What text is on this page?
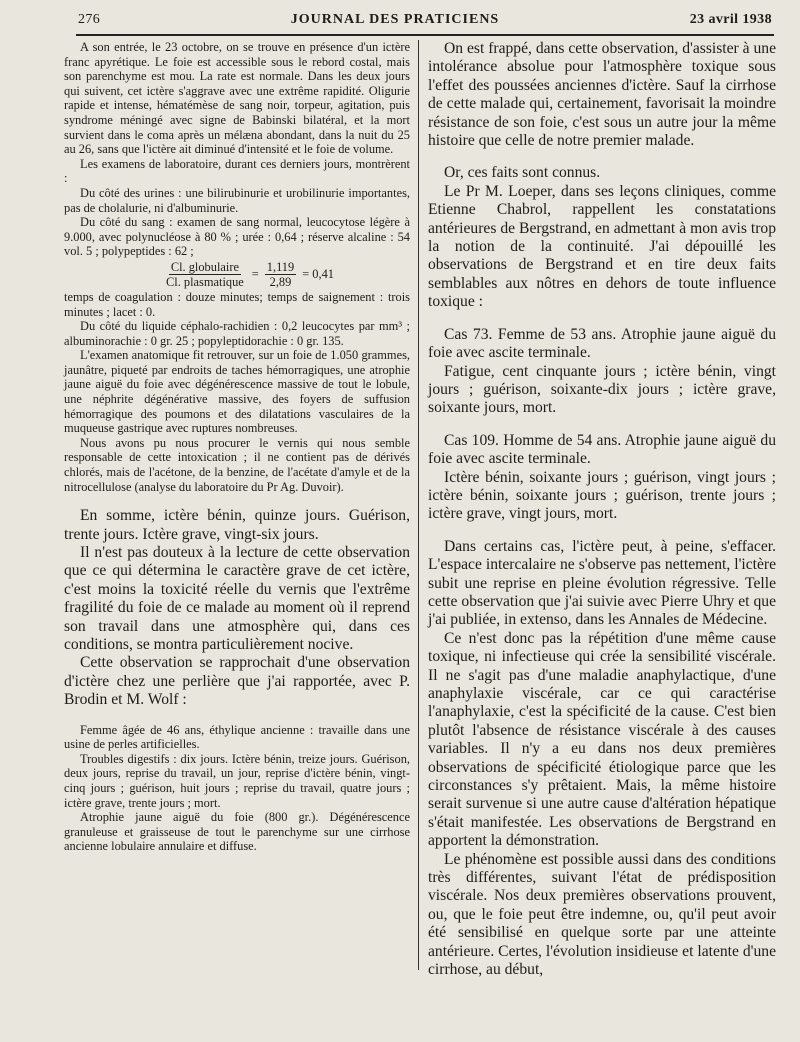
276	JOURNAL DES PRATICIENS	23 avril 1938

A son entrée, le 23 octobre, on se trouve en présence d'un ictère franc apyrétique. Le foie est accessible sous le rebord costal, mais son parenchyme est mou. La rate est normale. Dans les deux jours qui suivent, cet ictère s'aggrave avec une extrême rapidité. Oligurie rapide et intense, hématémèse de sang noir, torpeur, agitation, puis syndrome méningé avec signe de Babinski bilatéral, et la mort survient dans le coma après un mélæna abondant, dans la nuit du 25 au 26, sans que l'ictère ait diminué d'intensité et le foie de volume.

Les examens de laboratoire, durant ces derniers jours, montrèrent :

Du côté des urines : une bilirubinurie et urobilinurie importantes, pas de cholalurie, ni d'albuminurie.

Du côté du sang : examen de sang normal, leucocytose légère à 9.000, avec polynucléose à 80 % ; urée : 0,64 ; réserve alcaline : 54 vol. 5 ; polypeptides : 62 ;

$\frac{\text{Cl. globulaire}}{\text{Cl. plasmatique}} = \frac{1,119}{2,89} = 0,41$

temps de coagulation : douze minutes; temps de saignement : trois minutes ; lacet : 0.

Du côté du liquide céphalo-rachidien : 0,2 leucocytes par mm³ ; albuminorachie : 0 gr. 25 ; popyleptidorachie : 0 gr. 135.

L'examen anatomique fit retrouver, sur un foie de 1.050 grammes, jaunâtre, piqueté par endroits de taches hémorragiques, une atrophie jaune aiguë du foie avec dégénérescence massive de tout le lobule, une néphrite dégénérative massive, des foyers de suffusion hémorragique des poumons et des dilatations vasculaires de la muqueuse gastrique avec ruptures nombreuses.

Nous avons pu nous procurer le vernis qui nous semble responsable de cette intoxication ; il ne contient pas de dérivés chlorés, mais de l'acétone, de la benzine, de l'acétate d'amyle et de la nitrocellulose (analyse du laboratoire du Pr Ag. Duvoir).

En somme, ictère bénin, quinze jours. Guérison, trente jours. Ictère grave, vingt-six jours.

Il n'est pas douteux à la lecture de cette observation que ce qui détermina le caractère grave de cet ictère, c'est moins la toxicité réelle du vernis que l'extrême fragilité du foie de ce malade au moment où il reprend son travail dans une atmosphère qui, dans ces conditions, se montra particulièrement nocive.

Cette observation se rapprochait d'une observation d'ictère chez une perlière que j'ai rapportée, avec P. Brodin et M. Wolf :

Femme âgée de 46 ans, éthylique ancienne : travaille dans une usine de perles artificielles.

Troubles digestifs : dix jours. Ictère bénin, treize jours. Guérison, deux jours, reprise du travail, un jour, reprise d'ictère bénin, vingt-cinq jours ; guérison, huit jours ; reprise du travail, quatre jours ; ictère grave, trente jours ; mort.

Atrophie jaune aiguë du foie (800 gr.). Dégénérescence granuleuse et graisseuse de tout le parenchyme sur une cirrhose ancienne lobulaire annulaire et diffuse.

On est frappé, dans cette observation, d'assister à une intolérance absolue pour l'atmosphère toxique sous l'effet des poussées anciennes d'ictère. Sauf la cirrhose de cette malade qui, certainement, favorisait la moindre résistance de son foie, c'est sous un autre jour la même histoire que celle de notre premier malade.

Or, ces faits sont connus.

Le Pr M. Loeper, dans ses leçons cliniques, comme Etienne Chabrol, rappellent les constatations antérieures de Bergstrand, en admettant à mon avis trop la notion de la continuité. J'ai dépouillé les observations de Bergstrand et en tire deux faits semblables aux nôtres en dehors de toute influence toxique :

Cas 73. Femme de 53 ans. Atrophie jaune aiguë du foie avec ascite terminale.

Fatigue, cent cinquante jours ; ictère bénin, vingt jours ; guérison, soixante-dix jours ; ictère grave, soixante jours, mort.

Cas 109. Homme de 54 ans. Atrophie jaune aiguë du foie avec ascite terminale.

Ictère bénin, soixante jours ; guérison, vingt jours ; ictère bénin, soixante jours ; guérison, trente jours ; ictère grave, vingt jours, mort.

Dans certains cas, l'ictère peut, à peine, s'effacer. L'espace intercalaire ne s'observe pas nettement, l'ictère subit une reprise en pleine évolution régressive. Telle cette observation que j'ai suivie avec Pierre Uhry et que j'ai publiée, in extenso, dans les Annales de Médecine.

Ce n'est donc pas la répétition d'une même cause toxique, ni infectieuse qui crée la sensibilité viscérale. Il ne s'agit pas d'une maladie anaphylactique, d'une anaphylaxie viscérale, car ce qui caractérise l'anaphylaxie, c'est la spécificité de la cause. C'est bien plutôt l'absence de résistance viscérale à des causes variables. Il n'y a eu dans nos deux premières observations de spécificité étiologique parce que les circonstances s'y prêtaient. Mais, la même histoire serait survenue si une autre cause d'altération hépatique s'était manifestée. Les observations de Bergstrand en apportent la démonstration.

Le phénomène est possible aussi dans des conditions très différentes, suivant l'état de prédisposition viscérale. Nos deux premières observations prouvent, ou, que le foie peut être indemne, ou, qu'il peut avoir été sensibilisé en quelque sorte par une atteinte antérieure. Certes, l'évolution insidieuse et latente d'une cirrhose, au début,
